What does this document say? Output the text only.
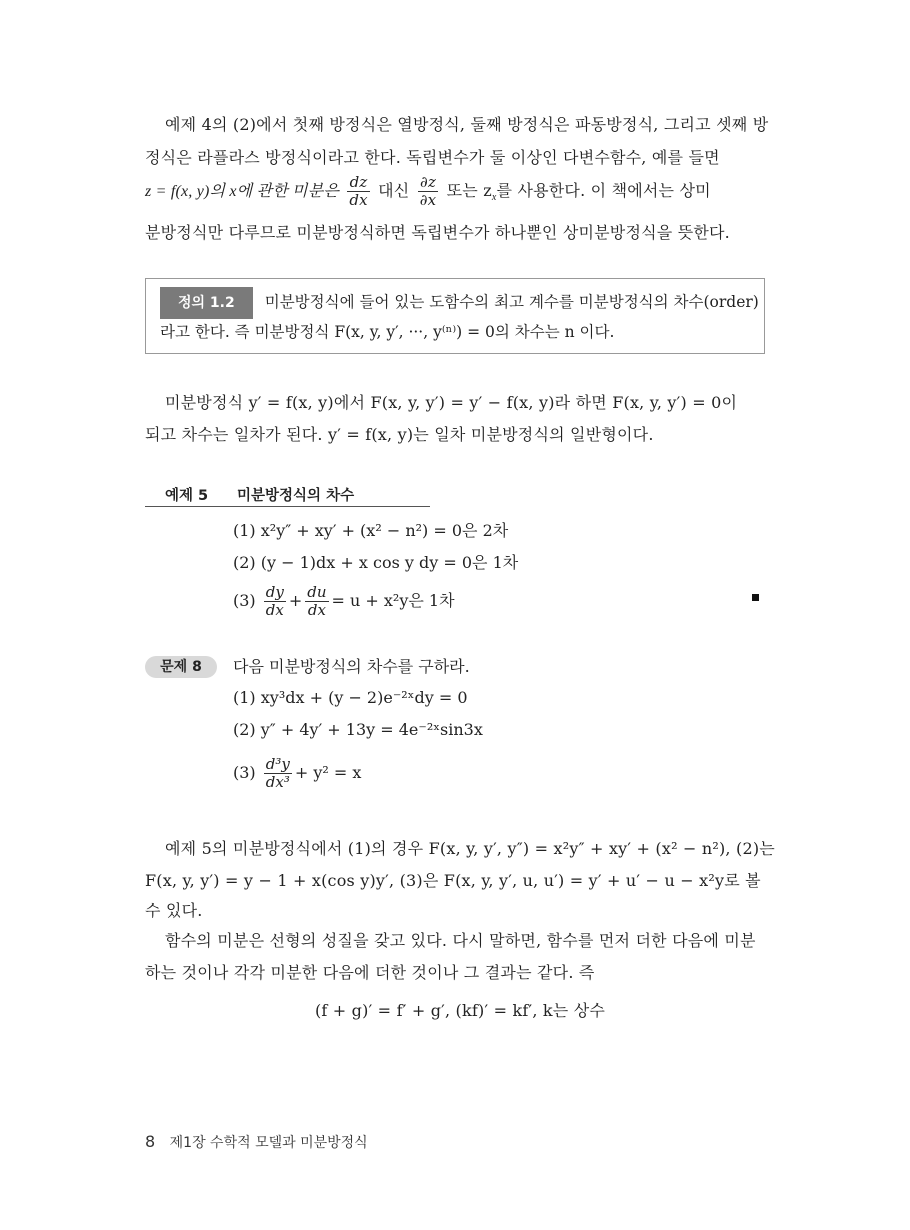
예제 4의 (2)에서 첫째 방정식은 열방정식, 둘째 방정식은 파동방정식, 그리고 셋째 방정식은 라플라스 방정식이라고 한다. 독립변수가 둘 이상인 다변수함수, 예를 들면
z = f(x, y)의 x에 관한 미분은 $\frac{dz}{dx}$ 대신 $\frac{\partial z}{\partial x}$ 또는 $z_x$를 사용한다. 이 책에서는 상미
분방정식만 다루므로 미분방정식하면 독립변수가 하나뿐인 상미분방정식을 뜻한다.
정의 1.2 미분방정식에 들어 있는 도함수의 최고 계수를 미분방정식의 차수(order)
라고 한다. 즉 미분방정식 F(x, y, y′, ···, y⁽ⁿ⁾) = 0의 차수는 n 이다.
미분방정식 y′ = f(x, y)에서 F(x, y, y′) = y′ − f(x, y)라 하면 F(x, y, y′) = 0이
되고 차수는 일차가 된다. y′ = f(x, y)는 일차 미분방정식의 일반형이다.
예제 5 미분방정식의 차수
(1) x²y″ + xy′ + (x² − n²) = 0은 2차
(2) (y − 1)dx + x cos y dy = 0은 1차
$(3) \frac{dy}{dx} + \frac{du}{dx} = u + x^2y$은 1차
문제 8	다음 미분방정식의 차수를 구하라.
(1) xy³dx + (y − 2)e⁻²ˣdy = 0
(2) y″ + 4y′ + 13y = 4e⁻²ˣsin3x
$(3) \frac{\text{d³y}}{\text{dx³}} + y^2 = x$
예제 5의 미분방정식에서 (1)의 경우 F(x, y, y′, y″) = x²y″ + xy′ + (x² − n²), (2)는
F(x, y, y′) = y − 1 + x(cos y)y′, (3)은 F(x, y, y′, u, u′) = y′ + u′ − u − x²y로 볼
수 있다.
함수의 미분은 선형의 성질을 갖고 있다. 다시 말하면, 함수를 먼저 더한 다음에 미분
하는 것이나 각각 미분한 다음에 더한 것이나 그 결과는 같다. 즉
(f + g)′ = f′ + g′, (kf)′ = kf′, k는 상수
8 제1장 수학적 모델과 미분방정식
